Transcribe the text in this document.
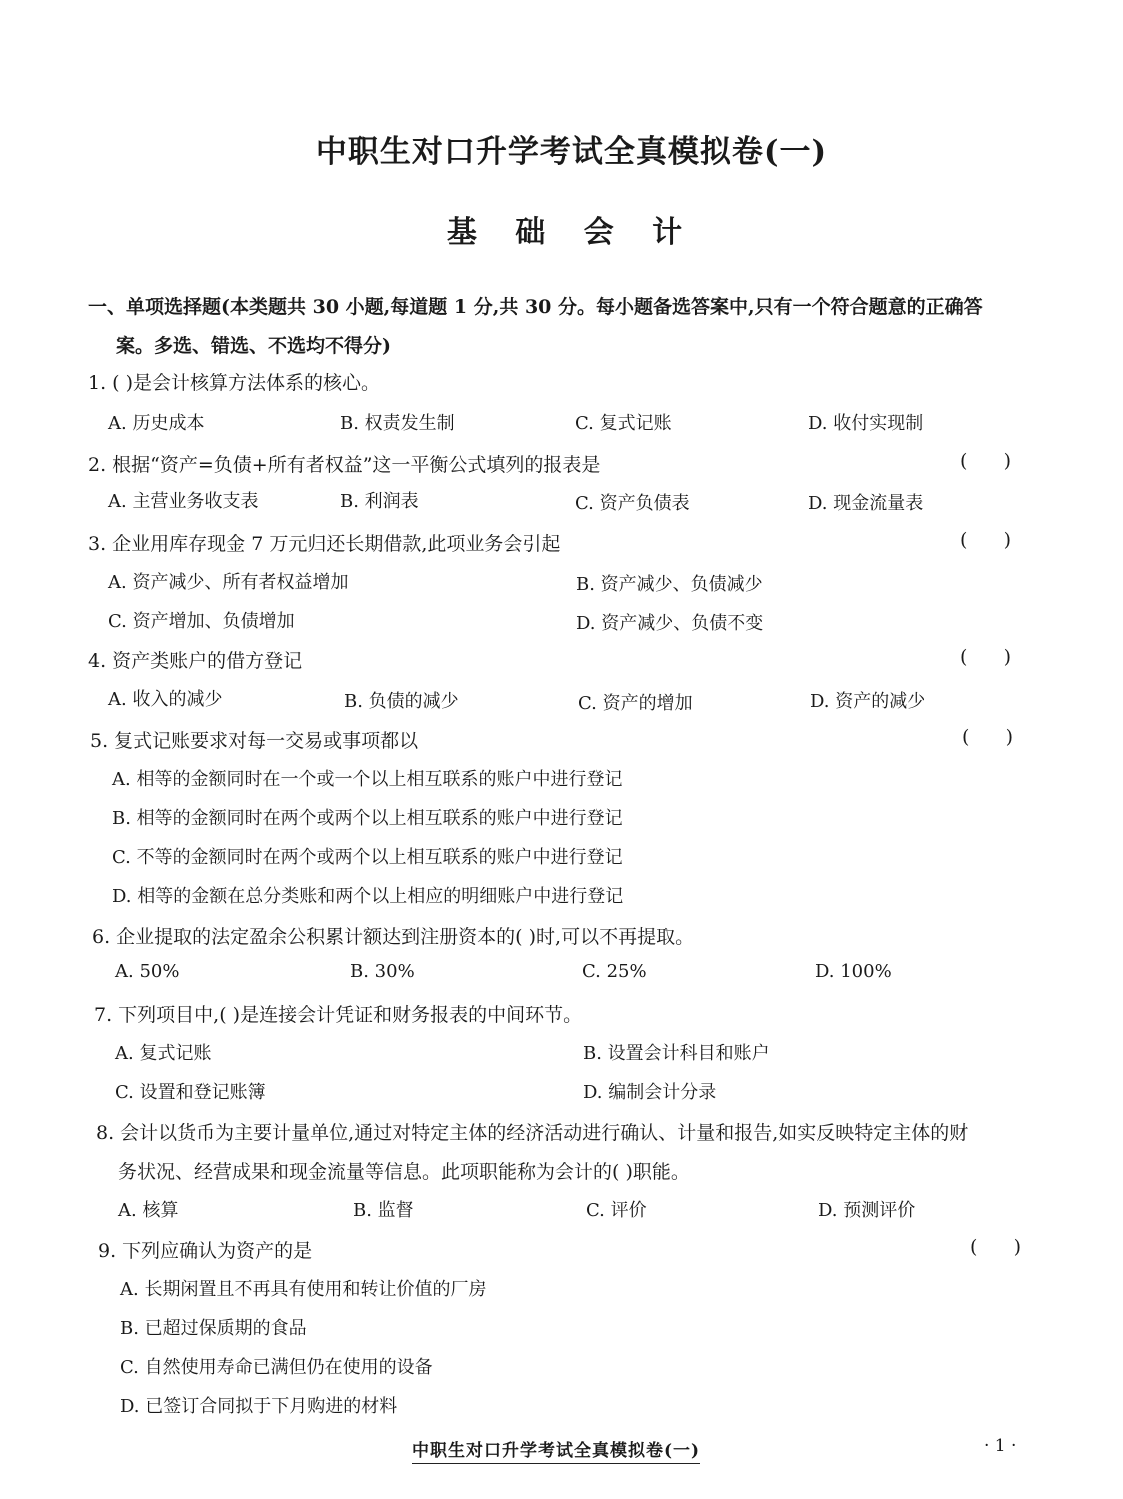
中职生对口升学考试全真模拟卷(一)
基 础 会 计
一、单项选择题(本类题共 30 小题,每道题 1 分,共 30 分。每小题备选答案中,只有一个符合题意的正确答
案。多选、错选、不选均不得分)
1. ( )是会计核算方法体系的核心。
A. 历史成本	B. 权责发生制	C. 复式记账	D. 收付实现制
2. 根据“资产=负债+所有者权益”这一平衡公式填列的报表是	(      )
A. 主营业务收支表	B. 利润表	C. 资产负债表	D. 现金流量表
3. 企业用库存现金 7 万元归还长期借款,此项业务会引起	(      )
A. 资产减少、所有者权益增加	B. 资产减少、负债减少
C. 资产增加、负债增加	D. 资产减少、负债不变
4. 资产类账户的借方登记	(      )
A. 收入的减少	B. 负债的减少	C. 资产的增加	D. 资产的减少
5. 复式记账要求对每一交易或事项都以	(      )
A. 相等的金额同时在一个或一个以上相互联系的账户中进行登记
B. 相等的金额同时在两个或两个以上相互联系的账户中进行登记
C. 不等的金额同时在两个或两个以上相互联系的账户中进行登记
D. 相等的金额在总分类账和两个以上相应的明细账户中进行登记
6. 企业提取的法定盈余公积累计额达到注册资本的( )时,可以不再提取。
A. 50%	B. 30%	C. 25%	D. 100%
7. 下列项目中,( )是连接会计凭证和财务报表的中间环节。
A. 复式记账	B. 设置会计科目和账户
C. 设置和登记账簿	D. 编制会计分录
8. 会计以货币为主要计量单位,通过对特定主体的经济活动进行确认、计量和报告,如实反映特定主体的财
务状况、经营成果和现金流量等信息。此项职能称为会计的( )职能。
A. 核算	B. 监督	C. 评价	D. 预测评价
9. 下列应确认为资产的是	(      )
A. 长期闲置且不再具有使用和转让价值的厂房
B. 已超过保质期的食品
C. 自然使用寿命已满但仍在使用的设备
D. 已签订合同拟于下月购进的材料
中职生对口升学考试全真模拟卷(一)	· 1 ·
